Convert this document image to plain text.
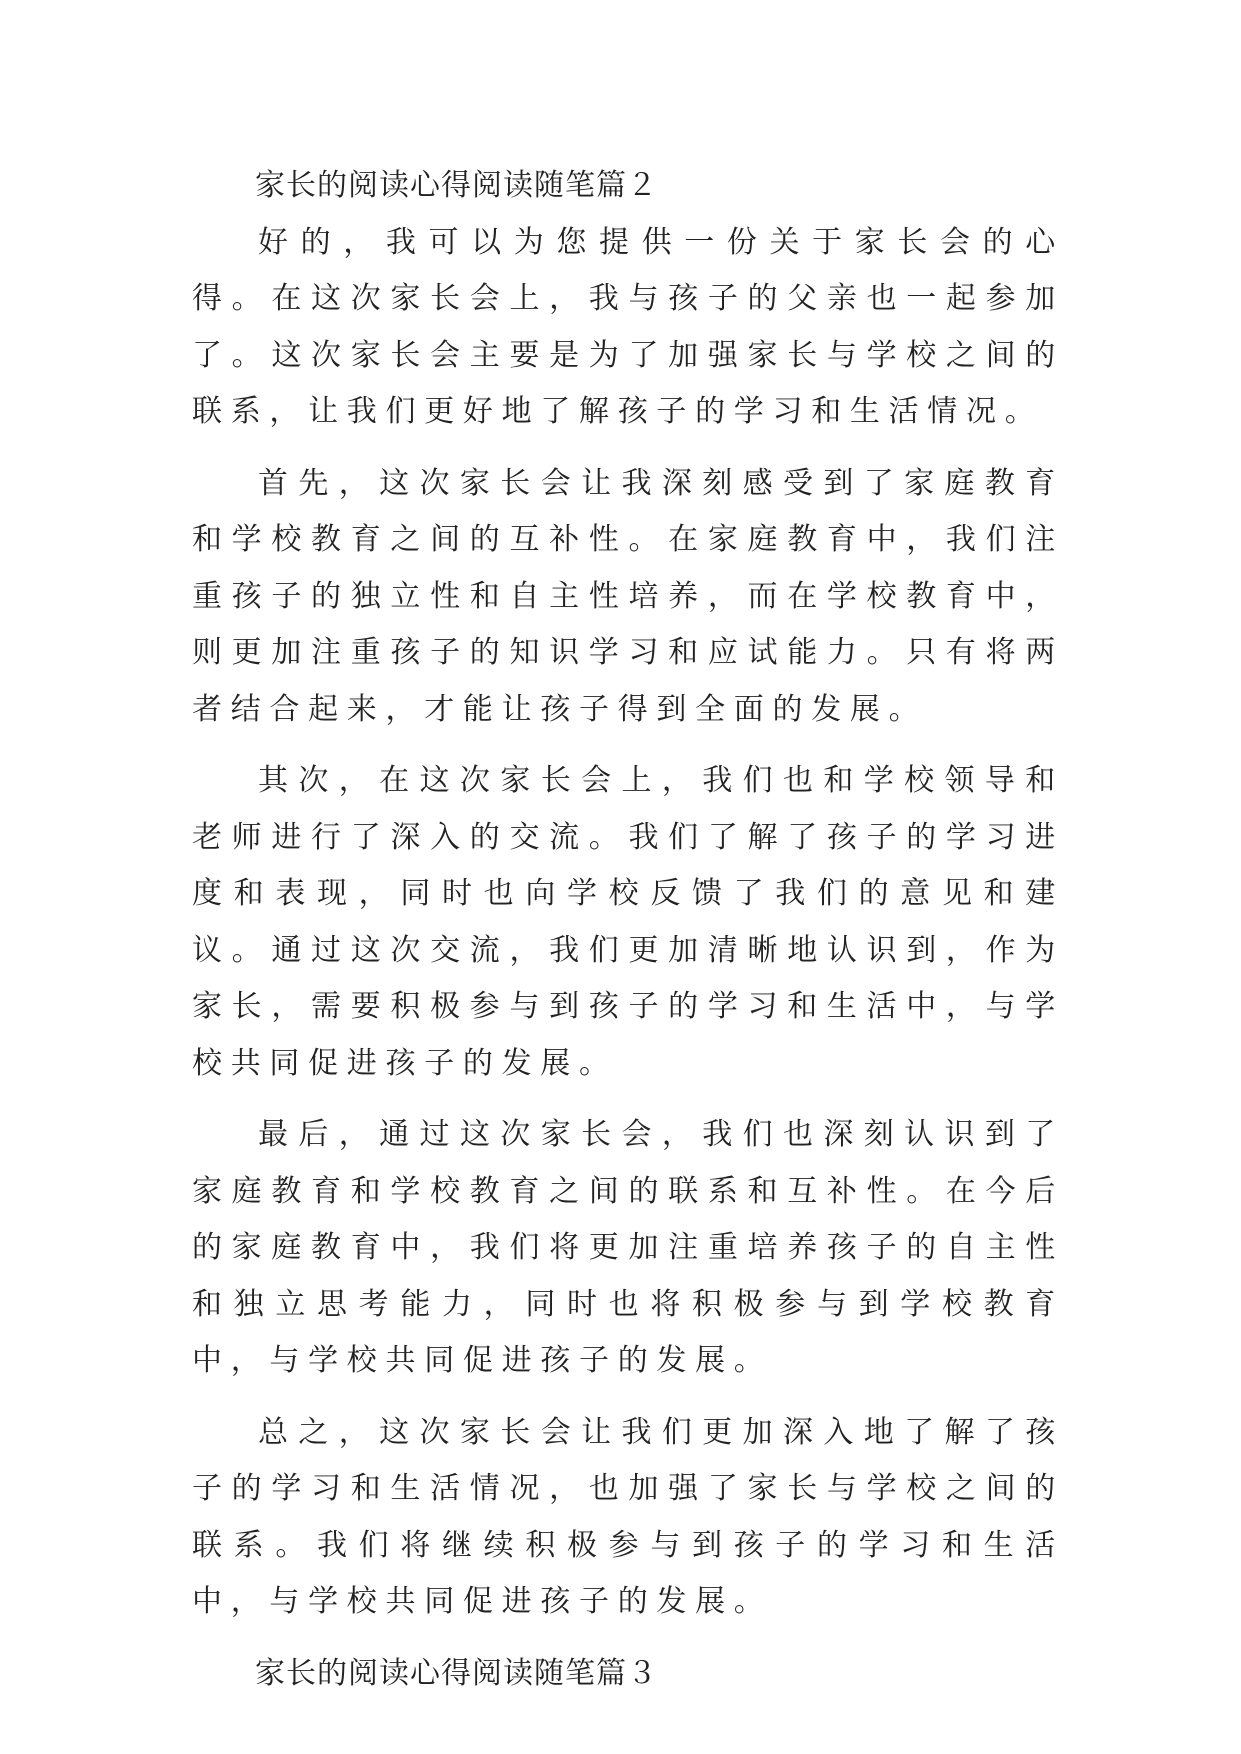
家长的阅读心得阅读随笔篇２

好的，我可以为您提供一份关于家长会的心得。在这次家长会上，我与孩子的父亲也一起参加了。这次家长会主要是为了加强家长与学校之间的联系，让我们更好地了解孩子的学习和生活情况。

首先，这次家长会让我深刻感受到了家庭教育和学校教育之间的互补性。在家庭教育中，我们注重孩子的独立性和自主性培养，而在学校教育中，则更加注重孩子的知识学习和应试能力。只有将两者结合起来，才能让孩子得到全面的发展。

其次，在这次家长会上，我们也和学校领导和老师进行了深入的交流。我们了解了孩子的学习进度和表现，同时也向学校反馈了我们的意见和建议。通过这次交流，我们更加清晰地认识到，作为家长，需要积极参与到孩子的学习和生活中，与学校共同促进孩子的发展。

最后，通过这次家长会，我们也深刻认识到了家庭教育和学校教育之间的联系和互补性。在今后的家庭教育中，我们将更加注重培养孩子的自主性和独立思考能力，同时也将积极参与到学校教育中，与学校共同促进孩子的发展。

总之，这次家长会让我们更加深入地了解了孩子的学习和生活情况，也加强了家长与学校之间的联系。我们将继续积极参与到孩子的学习和生活中，与学校共同促进孩子的发展。

家长的阅读心得阅读随笔篇３
